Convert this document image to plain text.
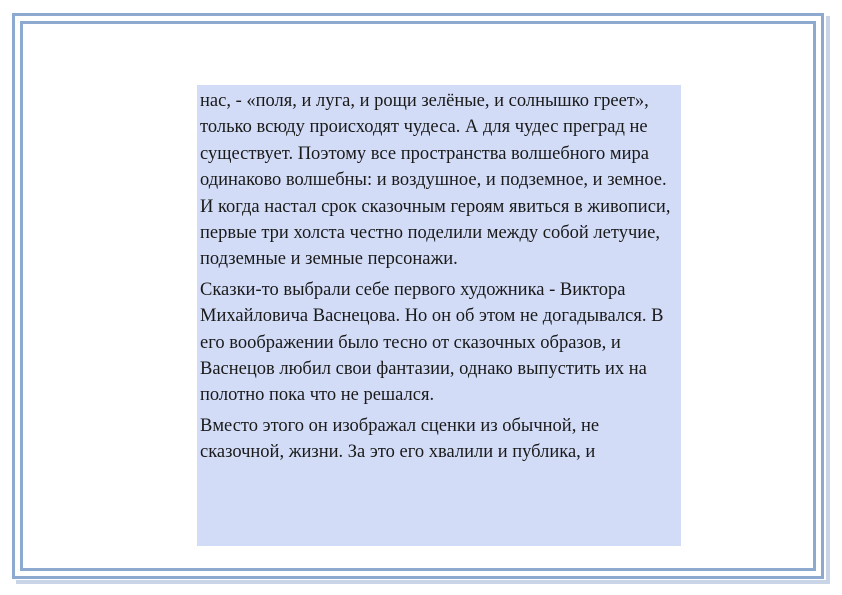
нас, - «поля, и луга, и рощи зелёные, и солнышко греет», только всюду происходят чудеса. А для чудес преград не существует. Поэтому все пространства волшебного мира одинаково волшебны: и воздушное, и подземное, и земное. И когда настал срок сказочным героям явиться в живописи, первые три холста честно поделили между собой летучие, подземные и земные персонажи.

Сказки-то выбрали себе первого художника - Виктора Михайловича Васнецова. Но он об этом не догадывался. В его воображении было тесно от сказочных образов, и Васнецов любил свои фантазии, однако выпустить их на полотно пока что не решался.

Вместо этого он изображал сценки из обычной, не сказочной, жизни. За это его хвалили и публика, и
